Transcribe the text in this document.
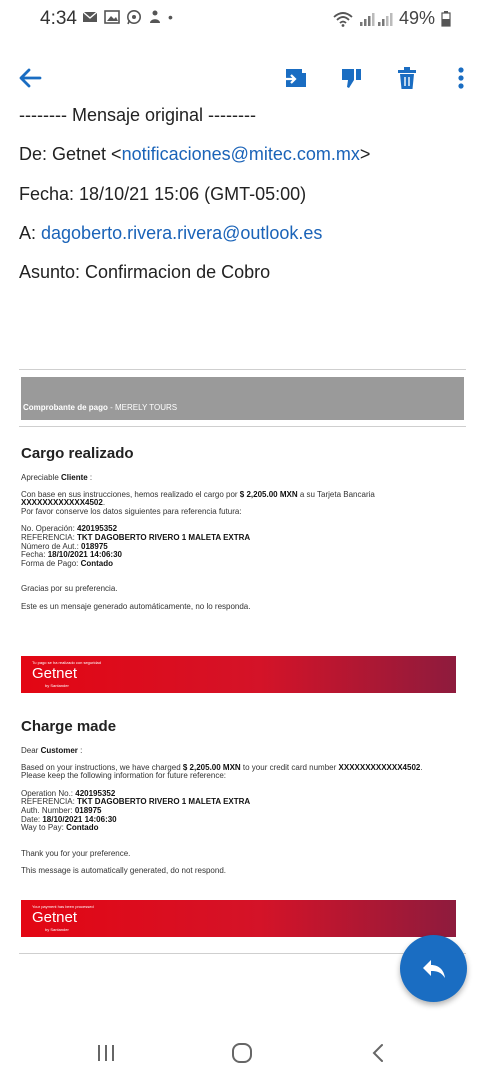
4:34	•	49%
-------- Mensaje original --------
De: Getnet <notificaciones@mitec.com.mx>
Fecha: 18/10/21 15:06 (GMT-05:00)
A: dagoberto.rivera.rivera@outlook.es
Asunto: Confirmacion de Cobro
Comprobante de pago - MERELY TOURS
Cargo realizado
Apreciable Cliente :
Con base en sus instrucciones, hemos realizado el cargo por $ 2,205.00 MXN a su Tarjeta Bancaria XXXXXXXXXXXX4502.
Por favor conserve los datos siguientes para referencia futura:
No. Operación: 420195352
REFERENCIA: TKT DAGOBERTO RIVERO 1 MALETA EXTRA
Número de Aut.: 018975
Fecha: 18/10/2021 14:06:30
Forma de Pago: Contado
Gracias por su preferencia.
Este es un mensaje generado automáticamente, no lo responda.
Tu pago se ha realizado con seguridad
Getnet
by Santander
Charge made
Dear Customer :
Based on your instructions, we have charged $ 2,205.00 MXN to your credit card number XXXXXXXXXXXX4502.
Please keep the following information for future reference:
Operation No.: 420195352
REFERENCIA: TKT DAGOBERTO RIVERO 1 MALETA EXTRA
Auth. Number: 018975
Date: 18/10/2021 14:06:30
Way to Pay: Contado
Thank you for your preference.
This message is automatically generated, do not respond.
Your payment has been processed
Getnet
by Santander
